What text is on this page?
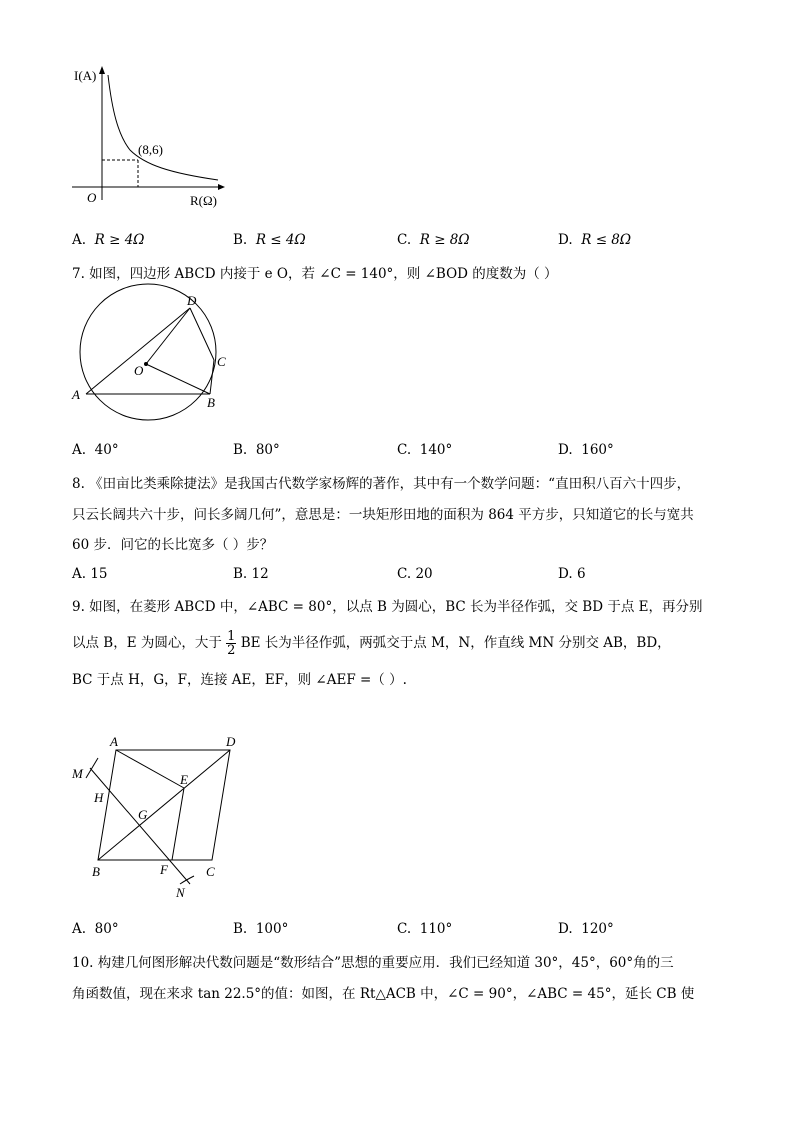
I(A)
(8,6)
O	R(Ω)
A. R ≥ 4Ω	B. R ≤ 4Ω	C. R ≥ 8Ω	D. R ≤ 8Ω
7. 如图，四边形 ABCD 内接于 e O，若 ∠C = 140°，则 ∠BOD 的度数为（ ）
D
C
O
A
B
A. 40°	B. 80°	C. 140°	D. 160°
8. 《田亩比类乘除捷法》是我国古代数学家杨辉的著作，其中有一个数学问题：“直田积八百六十四步，
只云长阔共六十步，问长多阔几何”，意思是：一块矩形田地的面积为 864 平方步，只知道它的长与宽共
60 步．问它的长比宽多（ ）步？
A. 15	B. 12	C. 20	D. 6
9. 如图，在菱形 ABCD 中，∠ABC = 80°，以点 B 为圆心，BC 长为半径作弧，交 BD 于点 E，再分别
以点 B，E 为圆心，大于 $\frac{1}{2}$ BE 长为半径作弧，两弧交于点 M，N，作直线 MN 分别交 AB，BD，
BC 于点 H，G，F，连接 AE，EF，则 ∠AEF =（ ）.
A	D
M	E
H
G
B	F	C
N
A. 80°	B. 100°	C. 110°	D. 120°
10. 构建几何图形解决代数问题是“数形结合”思想的重要应用．我们已经知道 30°，45°，60°角的三
角函数值，现在来求 tan 22.5°的值：如图，在 Rt△ACB 中，∠C = 90°，∠ABC = 45°，延长 CB 使
